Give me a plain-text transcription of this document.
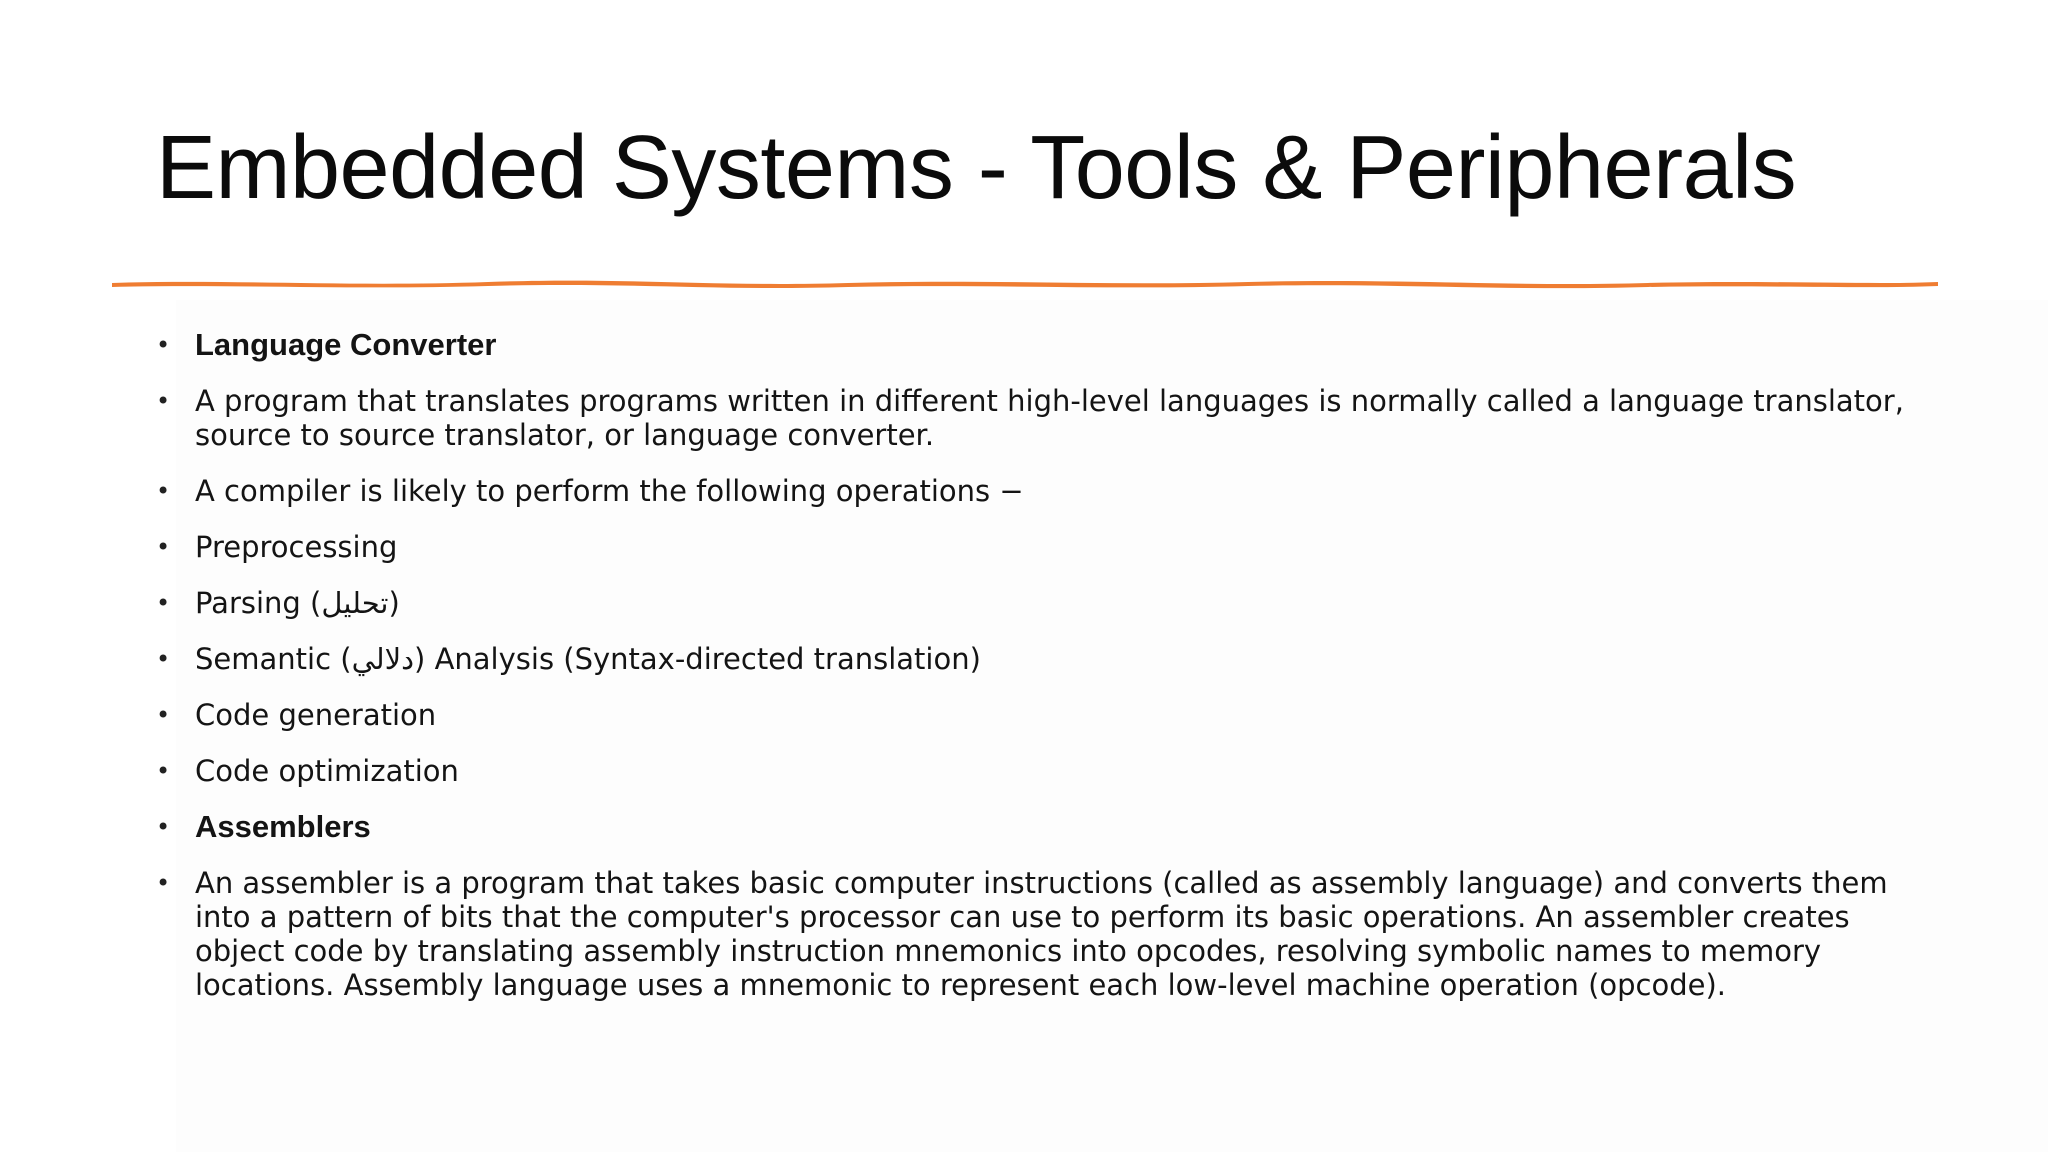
Embedded Systems - Tools & Peripherals
• Language Converter
• A program that translates programs written in different high-level languages is normally called a language translator, source to source translator, or language converter.
• A compiler is likely to perform the following operations −
• Preprocessing
• Parsing (تحليل)
• Semantic (دلالي) Analysis (Syntax-directed translation)
• Code generation
• Code optimization
• Assemblers
• An assembler is a program that takes basic computer instructions (called as assembly language) and converts them into a pattern of bits that the computer's processor can use to perform its basic operations. An assembler creates object code by translating assembly instruction mnemonics into opcodes, resolving symbolic names to memory locations. Assembly language uses a mnemonic to represent each low-level machine operation (opcode).
